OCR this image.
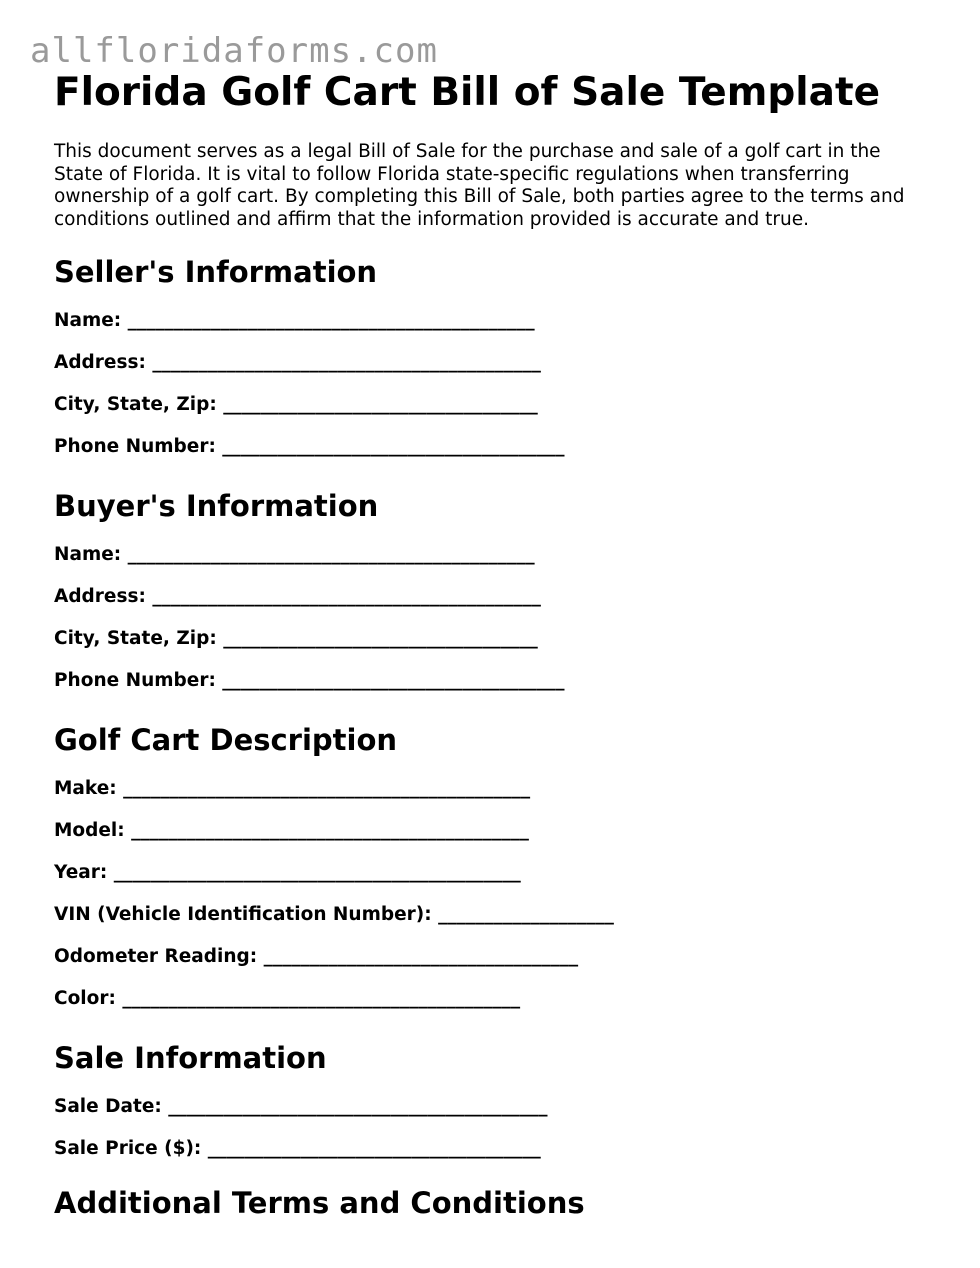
allfloridaforms.com
Florida Golf Cart Bill of Sale Template

This document serves as a legal Bill of Sale for the purchase and sale of a golf cart in the State of Florida. It is vital to follow Florida state-specific regulations when transferring ownership of a golf cart. By completing this Bill of Sale, both parties agree to the terms and conditions outlined and affirm that the information provided is accurate and true.

Seller's Information
Name: ____________________________________________
Address: __________________________________________
City, State, Zip: __________________________________
Phone Number: _____________________________________
Buyer's Information
Name: ____________________________________________
Address: __________________________________________
City, State, Zip: __________________________________
Phone Number: _____________________________________
Golf Cart Description
Make: ____________________________________________
Model: ___________________________________________
Year: ____________________________________________
VIN (Vehicle Identification Number): ___________________
Odometer Reading: __________________________________
Color: ___________________________________________
Sale Information
Sale Date: _________________________________________
Sale Price ($): ____________________________________
Additional Terms and Conditions
